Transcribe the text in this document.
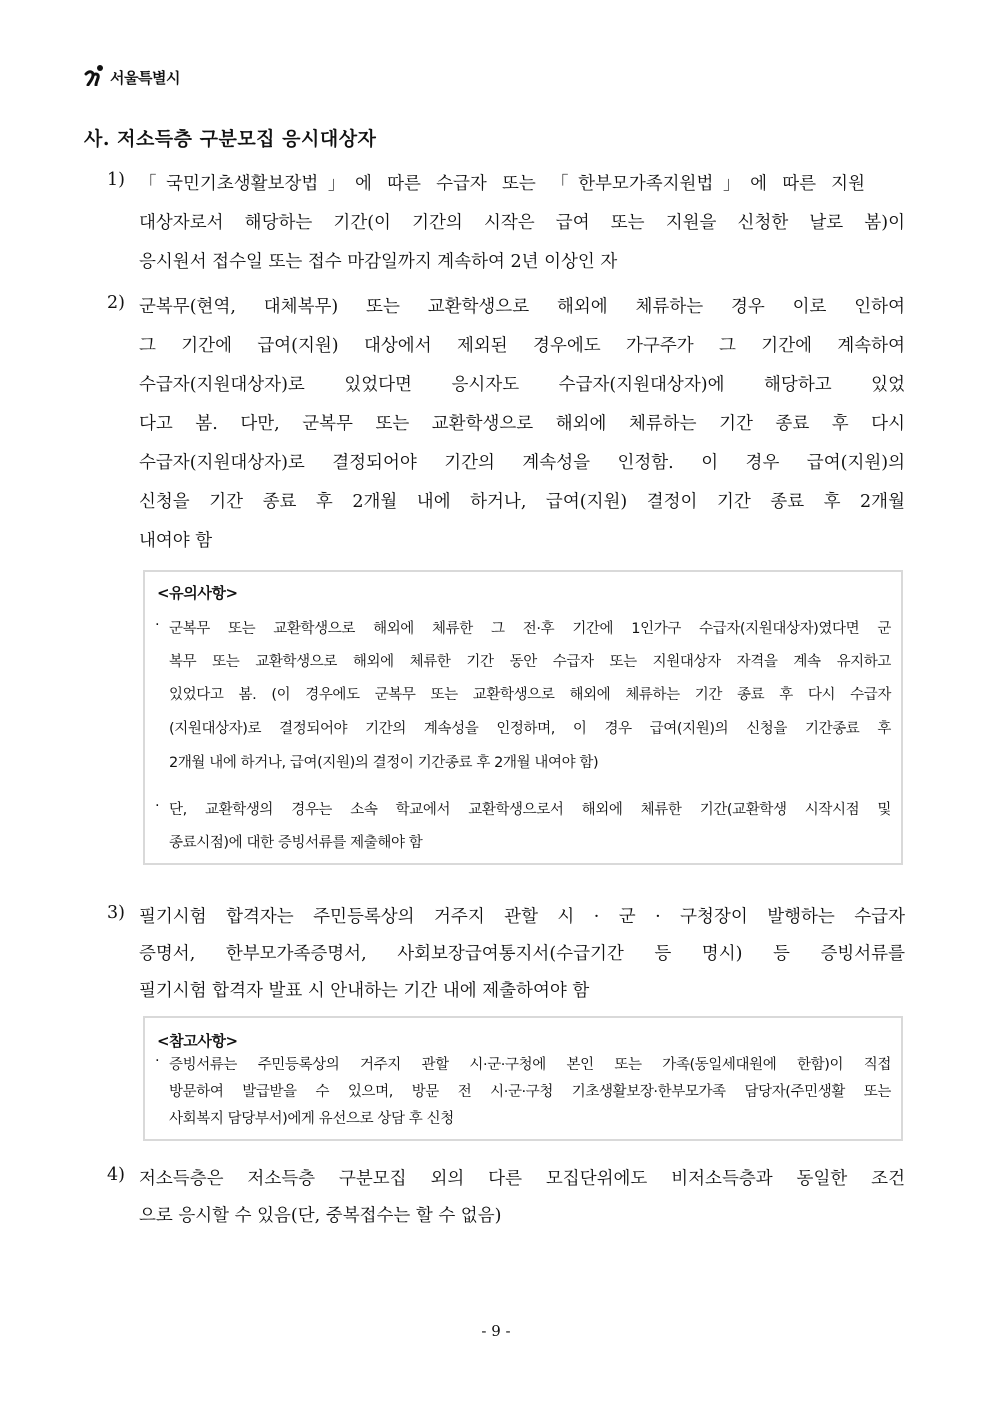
서울특별시
사. 저소득층 구분모집 응시대상자
1) 「국민기초생활보장법」에 따른 수급자 또는 「한부모가족지원법」에 따른 지원
대상자로서 해당하는 기간(이 기간의 시작은 급여 또는 지원을 신청한 날로 봄)이
응시원서 접수일 또는 접수 마감일까지 계속하여 2년 이상인 자
2) 군복무(현역, 대체복무) 또는 교환학생으로 해외에 체류하는 경우 이로 인하여
그 기간에 급여(지원) 대상에서 제외된 경우에도 가구주가 그 기간에 계속하여
수급자(지원대상자)로 있었다면 응시자도 수급자(지원대상자)에 해당하고 있었
다고 봄. 다만, 군복무 또는 교환학생으로 해외에 체류하는 기간 종료 후 다시
수급자(지원대상자)로 결정되어야 기간의 계속성을 인정함. 이 경우 급여(지원)의
신청을 기간 종료 후 2개월 내에 하거나, 급여(지원) 결정이 기간 종료 후 2개월
내여야 함
<유의사항>
· 군복무 또는 교환학생으로 해외에 체류한 그 전·후 기간에 1인가구 수급자(지원대상자)였다면 군
복무 또는 교환학생으로 해외에 체류한 기간 동안 수급자 또는 지원대상자 자격을 계속 유지하고
있었다고 봄. (이 경우에도 군복무 또는 교환학생으로 해외에 체류하는 기간 종료 후 다시 수급자
(지원대상자)로 결정되어야 기간의 계속성을 인정하며, 이 경우 급여(지원)의 신청을 기간종료 후
2개월 내에 하거나, 급여(지원)의 결정이 기간종료 후 2개월 내여야 함)
· 단, 교환학생의 경우는 소속 학교에서 교환학생으로서 해외에 체류한 기간(교환학생 시작시점 및
종료시점)에 대한 증빙서류를 제출해야 함
3) 필기시험 합격자는 주민등록상의 거주지 관할 시 · 군 · 구청장이 발행하는 수급자
증명서, 한부모가족증명서, 사회보장급여통지서(수급기간 등 명시) 등 증빙서류를
필기시험 합격자 발표 시 안내하는 기간 내에 제출하여야 함
<참고사항>
· 증빙서류는 주민등록상의 거주지 관할 시·군·구청에 본인 또는 가족(동일세대원에 한함)이 직접
방문하여 발급받을 수 있으며, 방문 전 시·군·구청 기초생활보장·한부모가족 담당자(주민생활 또는
사회복지 담당부서)에게 유선으로 상담 후 신청
4) 저소득층은 저소득층 구분모집 외의 다른 모집단위에도 비저소득층과 동일한 조건
으로 응시할 수 있음(단, 중복접수는 할 수 없음)
- 9 -
